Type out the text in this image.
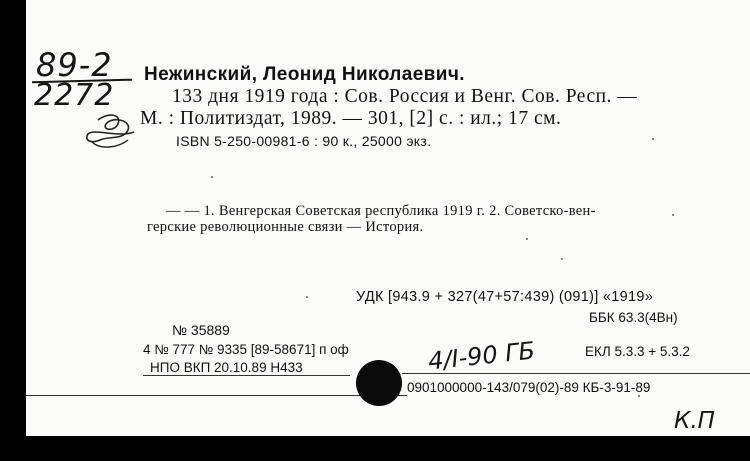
89-2
2272
Нежинский, Леонид Николаевич.
133 дня 1919 года : Сов. Россия и Венг. Сов. Респ. —
М. : Политиздат, 1989. — 301, [2] с. : ил.; 17 см.
ISBN 5-250-00981-6 : 90 к., 25000 экз.
— — 1. Венгерская Советская республика 1919 г. 2. Советско-вен-
герские революционные связи — История.
УДК [943.9 + 327(47+57:439) (091)] «1919»
ББК 63.3(4Вн)
№ 35889
4 № 777 № 9335 [89-58671] п оф	ЕКЛ 5.3.3 + 5.3.2
НПО ВКП 20.10.89 Н433
0901000000-143/079(02)-89 КБ-3-91-89
4/I-90 ГБ
К.П
